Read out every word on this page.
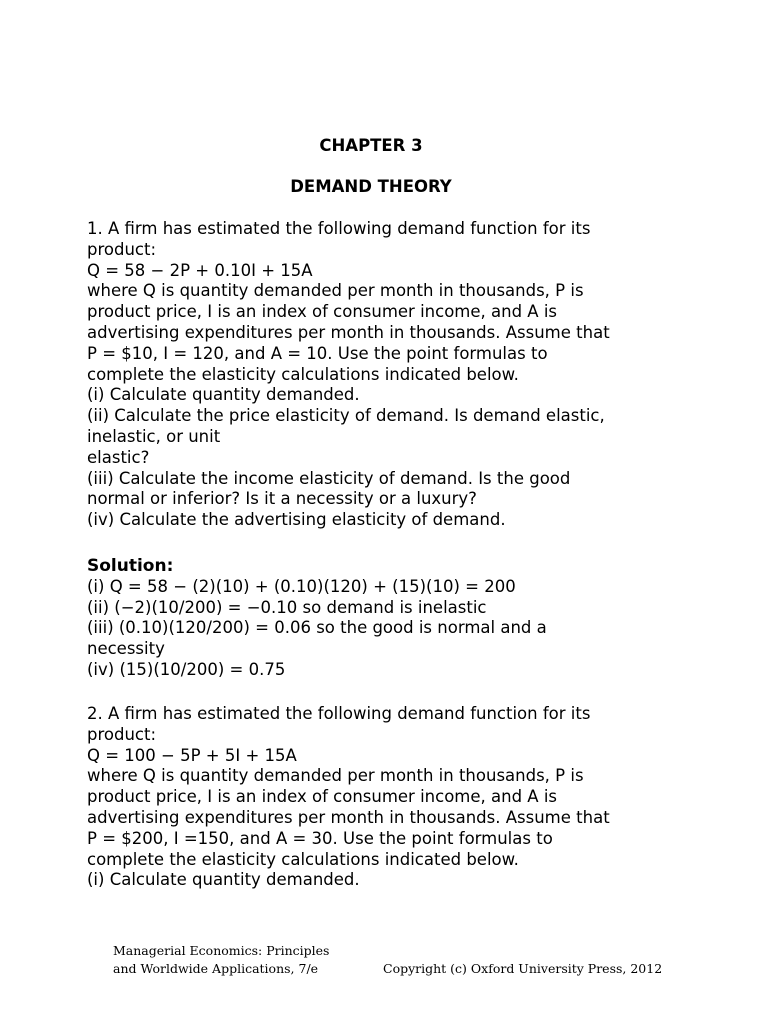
CHAPTER 3
DEMAND THEORY
1. A firm has estimated the following demand function for its
product:
Q = 58 − 2P + 0.10I + 15A
where Q is quantity demanded per month in thousands, P is
product price, I is an index of consumer income, and A is
advertising expenditures per month in thousands. Assume that
P = $10, I = 120, and A = 10. Use the point formulas to
complete the elasticity calculations indicated below.
(i) Calculate quantity demanded.
(ii) Calculate the price elasticity of demand. Is demand elastic,
inelastic, or unit
elastic?
(iii) Calculate the income elasticity of demand. Is the good
normal or inferior? Is it a necessity or a luxury?
(iv) Calculate the advertising elasticity of demand.
Solution:
(i) Q = 58 − (2)(10) + (0.10)(120) + (15)(10) = 200
(ii) (−2)(10/200) = −0.10 so demand is inelastic
(iii) (0.10)(120/200) = 0.06 so the good is normal and a
necessity
(iv) (15)(10/200) = 0.75
2. A firm has estimated the following demand function for its
product:
Q = 100 − 5P + 5I + 15A
where Q is quantity demanded per month in thousands, P is
product price, I is an index of consumer income, and A is
advertising expenditures per month in thousands. Assume that
P = $200, I =150, and A = 30. Use the point formulas to
complete the elasticity calculations indicated below.
(i) Calculate quantity demanded.
Managerial Economics: Principles
and Worldwide Applications, 7/e	Copyright (c) Oxford University Press, 2012
